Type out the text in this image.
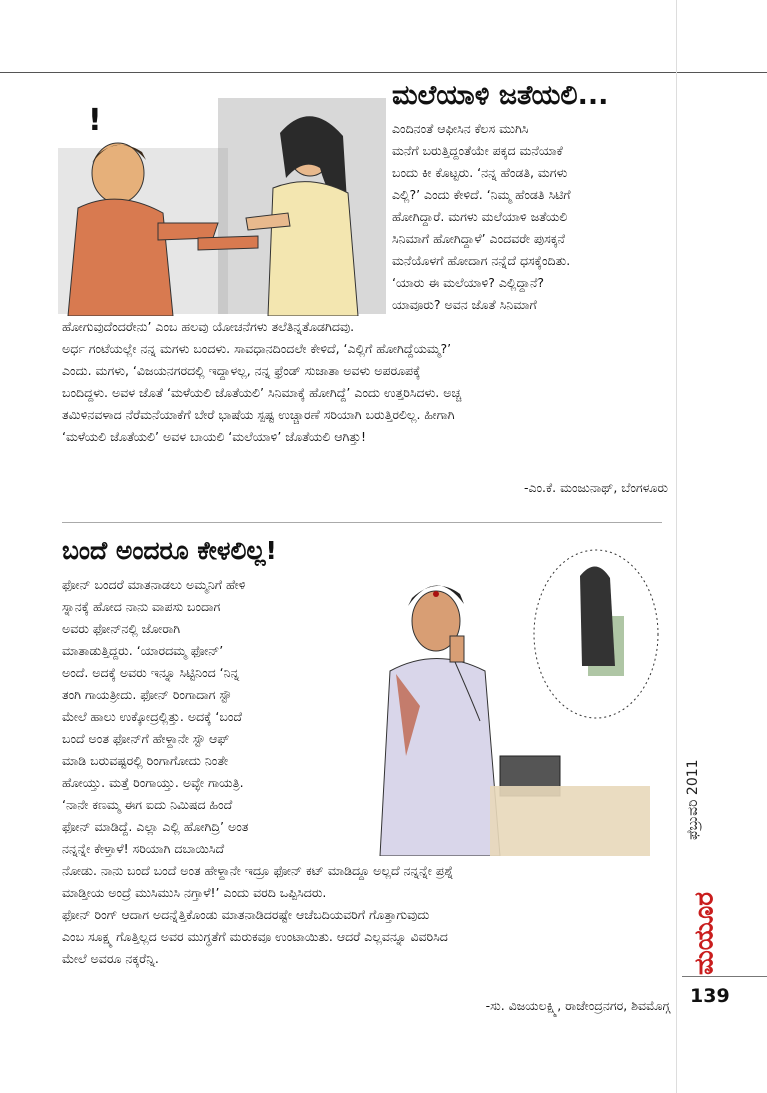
!
ಮಲೆಯಾಳಿ ಜತೆಯಲಿ...
ಎಂದಿನಂತೆ ಆಫೀಸಿನ ಕೆಲಸ ಮುಗಿಸಿ
ಮನೆಗೆ ಬರುತ್ತಿದ್ದಂತೆಯೇ ಪಕ್ಕದ ಮನೆಯಾಕೆ
ಬಂದು ಕೀ ಕೊಟ್ಟರು. ‘ನನ್ನ ಹೆಂಡತಿ, ಮಗಳು
ಎಲ್ಲಿ?’ ಎಂದು ಕೇಳಿದೆ. ‘ನಿಮ್ಮ ಹೆಂಡತಿ ಸಿಟಿಗೆ
ಹೋಗಿದ್ದಾರೆ. ಮಗಳು ಮಲೆಯಾಳಿ ಜತೆಯಲಿ
ಸಿನಿಮಾಗೆ ಹೋಗಿದ್ದಾಳೆ’ ಎಂದವರೇ ಪುಸಕ್ಕನೆ
ಮನೆಯೊಳಗೆ ಹೋದಾಗ ನನ್ನೆದೆ ಧಸಕ್ಕೆಂದಿತು.
‘ಯಾರು ಈ ಮಲೆಯಾಳಿ? ಎಲ್ಲಿದ್ದಾನೆ?
ಯಾವೂರು? ಅವನ ಜೊತೆ ಸಿನಿಮಾಗೆ
ಹೋಗುವುದೆಂದರೇನು’ ಎಂಬ ಹಲವು ಯೋಚನೆಗಳು ತಲೆತಿನ್ನತೊಡಗಿದವು.
ಅರ್ಧ ಗಂಟೆಯಲ್ಲೇ ನನ್ನ ಮಗಳು ಬಂದಳು. ಸಾವಧಾನದಿಂದಲೇ ಕೇಳಿದೆ, ‘ಎಲ್ಲಿಗೆ ಹೋಗಿದ್ದೆಯಮ್ಮ?’
ಎಂದು. ಮಗಳು, ‘ವಿಜಯನಗರದಲ್ಲಿ ಇದ್ದಾಳಲ್ಲ, ನನ್ನ ಫ್ರೆಂಡ್ ಸುಜಾತಾ ಅವಳು ಅಪರೂಪಕ್ಕೆ
ಬಂದಿದ್ದಳು. ಅವಳ ಜೊತೆ ‘ಮಳೆಯಲಿ ಜೊತೆಯಲಿ’ ಸಿನಿಮಾಕ್ಕೆ ಹೋಗಿದ್ದೆ’ ಎಂದು ಉತ್ತರಿಸಿದಳು. ಅಚ್ಚ
ತಮಿಳಿನವಳಾದ ನೆರೆಮನೆಯಾಕೆಗೆ ಬೇರೆ ಭಾಷೆಯ ಸ್ಪಷ್ಟ ಉಚ್ಚಾರಣೆ ಸರಿಯಾಗಿ ಬರುತ್ತಿರಲಿಲ್ಲ. ಹೀಗಾಗಿ
‘ಮಳೆಯಲಿ ಜೊತೆಯಲಿ’ ಅವಳ ಬಾಯಲಿ ‘ಮಲೆಯಾಳಿ’ ಜೊತೆಯಲಿ ಆಗಿತ್ತು!
-ಎಂ.ಕೆ. ಮಂಜುನಾಥ್, ಬೆಂಗಳೂರು
ಬಂದೆ ಅಂದರೂ ಕೇಳಲಿಲ್ಲ!
ಫೋನ್ ಬಂದರೆ ಮಾತನಾಡಲು ಅಮ್ಮನಿಗೆ ಹೇಳಿ
ಸ್ನಾನಕ್ಕೆ ಹೋದ ನಾನು ವಾಪಸು ಬಂದಾಗ
ಅವರು ಫೋನ್‌ನಲ್ಲಿ ಜೋರಾಗಿ
ಮಾತಾಡುತ್ತಿದ್ದರು. ‘ಯಾರದಮ್ಮ ಫೋನ್’
ಅಂದೆ. ಅದಕ್ಕೆ ಅವರು ಇನ್ನೂ ಸಿಟ್ಟಿನಿಂದ ‘ನಿನ್ನ
ತಂಗಿ ಗಾಯತ್ರೀದು. ಫೋನ್ ರಿಂಗಾದಾಗ ಸ್ಟೌ
ಮೇಲೆ ಹಾಲು ಉಕ್ಕೋದ್ರಲ್ಲಿತ್ತು. ಅದಕ್ಕೆ ‘ಬಂದೆ
ಬಂದೆ ಅಂತ ಫೋನ್‌ಗೆ ಹೇಳ್ದಾನೇ ಸ್ಟೌ ಆಫ್
ಮಾಡಿ ಬರುವಷ್ಟರಲ್ಲಿ ರಿಂಗಾಗೋದು ನಿಂತೇ
ಹೋಯ್ತು. ಮತ್ತೆ ರಿಂಗಾಯ್ತು. ಅವ್ಳೇ ಗಾಯತ್ರಿ.
‘ನಾನೇ ಕಣಮ್ಮ ಈಗ ಐದು ನಿಮಿಷದ ಹಿಂದೆ
ಫೋನ್ ಮಾಡಿದ್ದೆ. ಎಲ್ಲಾ ಎಲ್ಲಿ ಹೋಗಿದ್ರಿ’ ಅಂತ
ನನ್ನನ್ನೇ ಕೇಳ್ತಾಳೆ! ಸರಿಯಾಗಿ ದಬಾಯಿಸಿದೆ
ನೋಡು. ನಾನು ಬಂದೆ ಬಂದೆ ಅಂತ ಹೇಳ್ದಾನೇ ಇದ್ರೂ ಫೋನ್ ಕಟ್ ಮಾಡಿದ್ದೂ ಅಲ್ಲದೆ ನನ್ನನ್ನೇ ಪ್ರಶ್ನೆ
ಮಾಡ್ತೀಯ ಅಂದ್ರೆ ಮುಸಿಮುಸಿ ನಗ್ತಾಳೆ!’ ಎಂದು ವರದಿ ಒಪ್ಪಿಸಿದರು.
ಫೋನ್ ರಿಂಗ್ ಆದಾಗ ಅದನ್ನೆತ್ತಿಕೊಂಡು ಮಾತನಾಡಿದರಷ್ಟೇ ಆಚೆಬದಿಯವರಿಗೆ ಗೊತ್ತಾಗುವುದು
ಎಂಬ ಸೂಕ್ಷ್ಮ ಗೊತ್ತಿಲ್ಲದ ಅವರ ಮುಗ್ಧತೆಗೆ ಮರುಕವೂ ಉಂಟಾಯಿತು. ಆದರೆ ಎಲ್ಲವನ್ನೂ ವಿವರಿಸಿದ
ಮೇಲೆ ಅವರೂ ನಕ್ಕರೆನ್ನಿ.
-ಸು. ವಿಜಯಲಕ್ಷ್ಮಿ, ರಾಜೇಂದ್ರನಗರ, ಶಿವಮೊಗ್ಗ
ಫೆಬ್ರುವರಿ 2011
ಮಯೂರ
139
